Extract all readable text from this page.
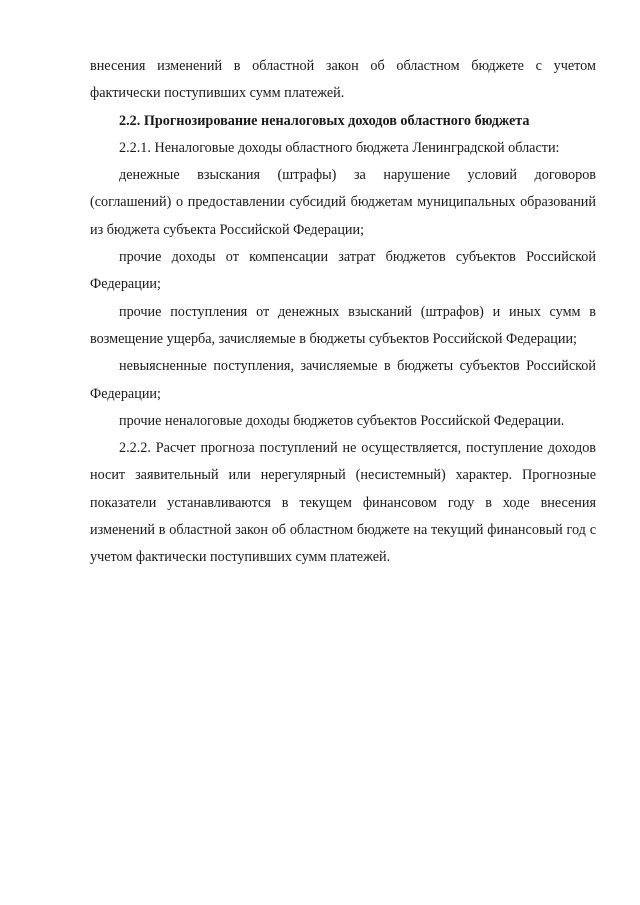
внесения изменений в областной закон об областном бюджете с учетом фактически поступивших сумм платежей.

2.2. Прогнозирование неналоговых доходов областного бюджета

2.2.1. Неналоговые доходы областного бюджета Ленинградской области:

денежные взыскания (штрафы) за нарушение условий договоров (соглашений) о предоставлении субсидий бюджетам муниципальных образований из бюджета субъекта Российской Федерации;

прочие доходы от компенсации затрат бюджетов субъектов Российской Федерации;

прочие поступления от денежных взысканий (штрафов) и иных сумм в возмещение ущерба, зачисляемые в бюджеты субъектов Российской Федерации;

невыясненные поступления, зачисляемые в бюджеты субъектов Российской Федерации;

прочие неналоговые доходы бюджетов субъектов Российской Федерации.

2.2.2. Расчет прогноза поступлений не осуществляется, поступление доходов носит заявительный или нерегулярный (несистемный) характер. Прогнозные показатели устанавливаются в текущем финансовом году в ходе внесения изменений в областной закон об областном бюджете на текущий финансовый год с учетом фактически поступивших сумм платежей.
